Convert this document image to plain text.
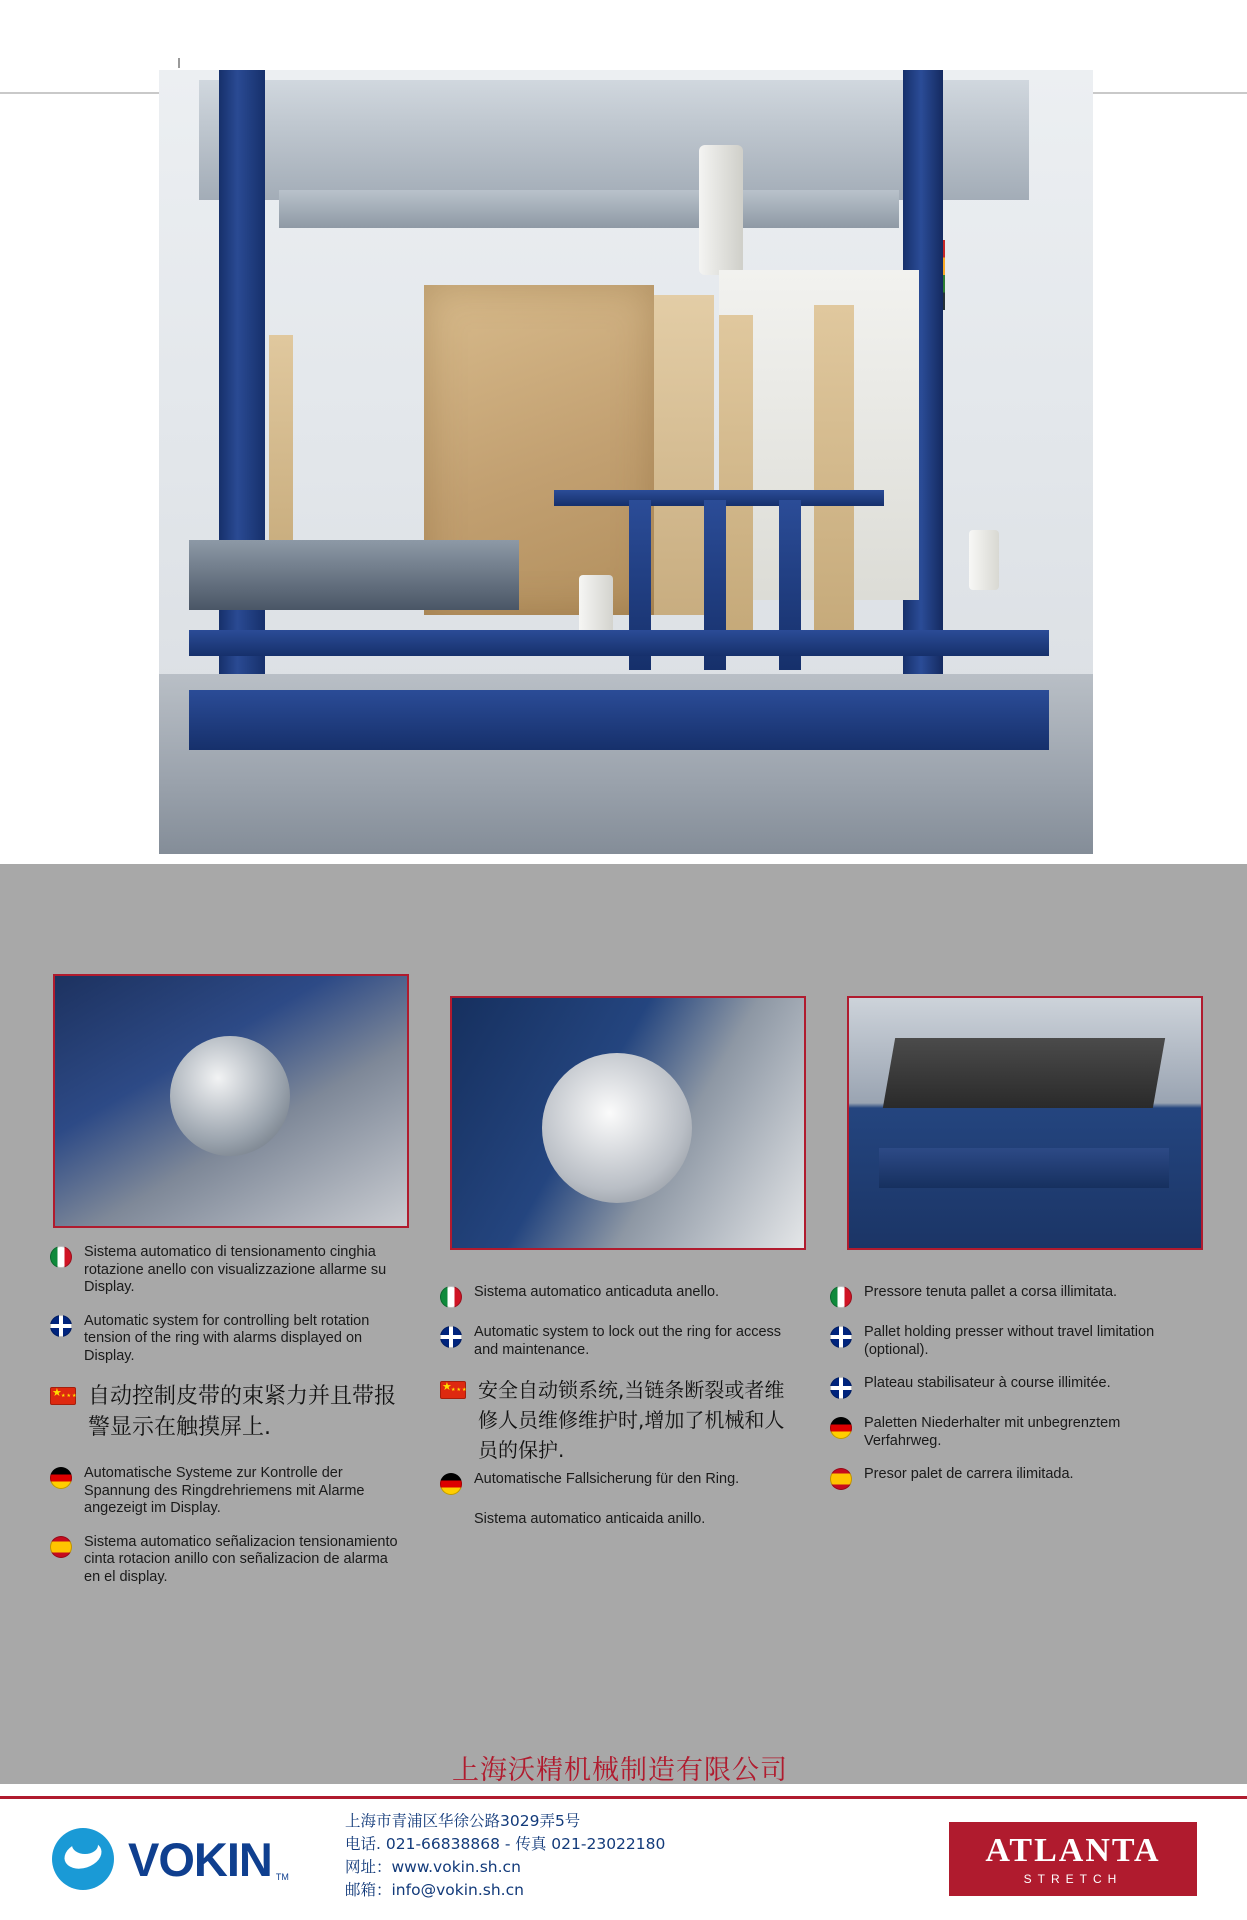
Sistema automatico di tensionamento cinghia rotazione anello con visualizzazione allarme su Display.
Automatic system for controlling belt rotation tension of the ring with alarms displayed on Display.
★★★ ★
自动控制皮带的束紧力并且带报警显示在触摸屏上.
Automatische Systeme zur Kontrolle der Spannung des Ringdrehriemens mit Alarme angezeigt im Display.
Sistema automatico señalizacion tensionamiento cinta rotacion anillo con señalizacion de alarma en el display.
Sistema automatico anticaduta anello.
Automatic system to lock out the ring for access and maintenance.
★★★ ★
安全自动锁系统,当链条断裂或者维修人员维修维护时,增加了机械和人员的保护.
Automatische Fallsicherung für den Ring.
Sistema automatico anticaida anillo.
Pressore tenuta pallet a corsa illimitata.
Pallet holding presser without travel limitation (optional).
Plateau stabilisateur à course illimitée.
Paletten Niederhalter mit unbegrenztem Verfahrweg.
Presor palet de carrera ilimitada.
上海沃精机械制造有限公司
上海市青浦区华徐公路3029弄5号
电话. 021-66838868 - 传真 021-23022180
网址：www.vokin.sh.cn
邮箱：info@vokin.sh.cn
VOKIN TM
ATLANTA
STRETCH
